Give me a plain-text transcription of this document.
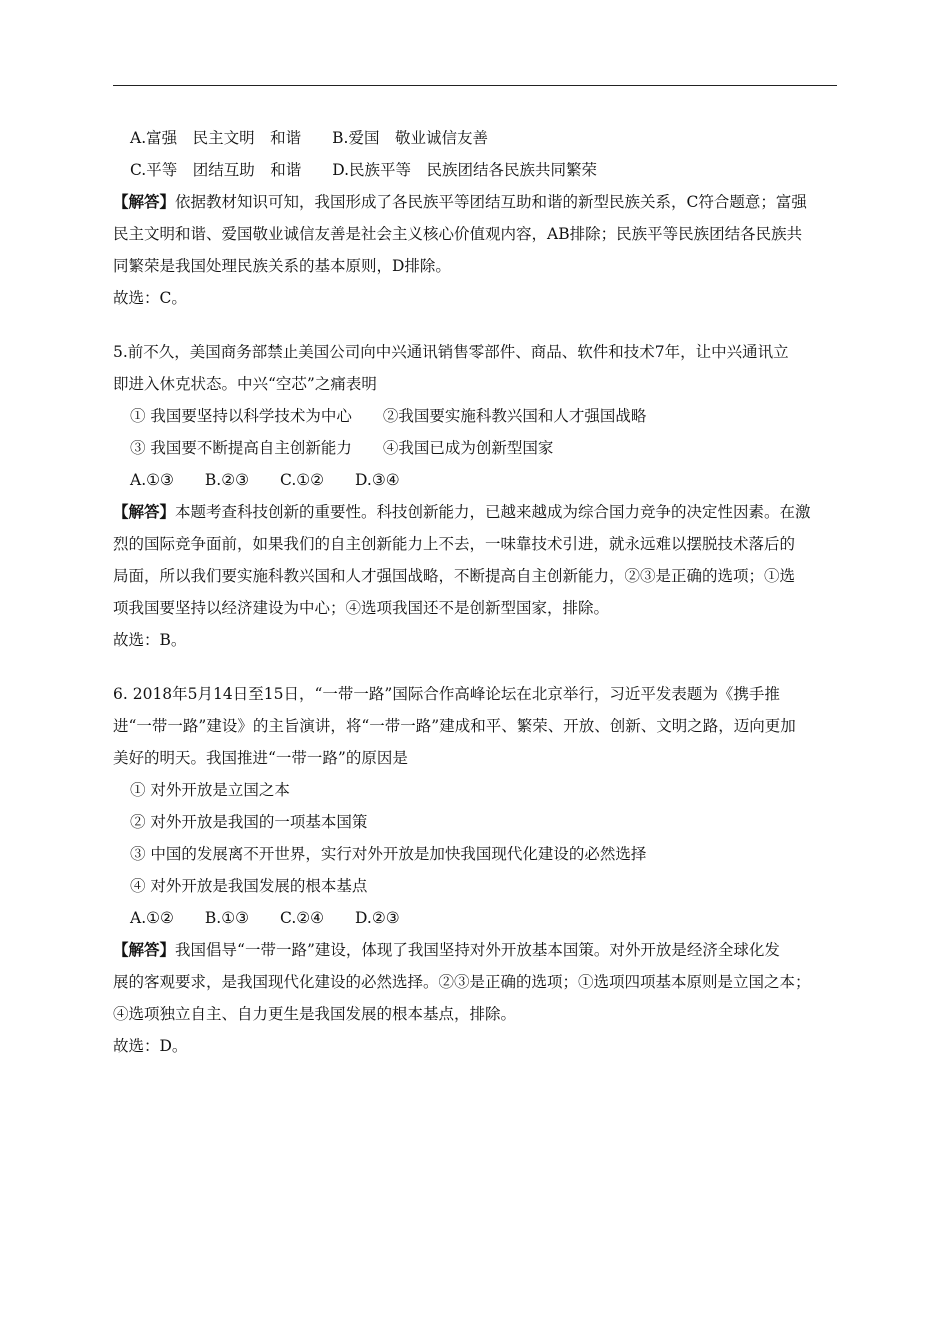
A.富强　民主文明　和谐　　B.爱国　敬业诚信友善
C.平等　团结互助　和谐　　D.民族平等　民族团结各民族共同繁荣
【解答】依据教材知识可知，我国形成了各民族平等团结互助和谐的新型民族关系，C符合题意；富强
民主文明和谐、爱国敬业诚信友善是社会主义核心价值观内容，AB排除；民族平等民族团结各民族共
同繁荣是我国处理民族关系的基本原则，D排除。
故选：C。
5.前不久，美国商务部禁止美国公司向中兴通讯销售零部件、商品、软件和技术7年，让中兴通讯立
即进入休克状态。中兴“空芯”之痛表明
① 我国要坚持以科学技术为中心　　②我国要实施科教兴国和人才强国战略
③ 我国要不断提高自主创新能力　　④我国已成为创新型国家
A.①③　　B.②③　　C.①②　　D.③④
【解答】本题考查科技创新的重要性。科技创新能力，已越来越成为综合国力竞争的决定性因素。在激
烈的国际竞争面前，如果我们的自主创新能力上不去，一味靠技术引进，就永远难以摆脱技术落后的
局面，所以我们要实施科教兴国和人才强国战略，不断提高自主创新能力，②③是正确的选项；①选
项我国要坚持以经济建设为中心；④选项我国还不是创新型国家，排除。
故选：B。
6. 2018年5月14日至15日，“一带一路”国际合作高峰论坛在北京举行，习近平发表题为《携手推
进“一带一路”建设》的主旨演讲，将“一带一路”建成和平、繁荣、开放、创新、文明之路，迈向更加
美好的明天。我国推进“一带一路”的原因是
① 对外开放是立国之本
② 对外开放是我国的一项基本国策
③ 中国的发展离不开世界，实行对外开放是加快我国现代化建设的必然选择
④ 对外开放是我国发展的根本基点
A.①②　　B.①③　　C.②④　　D.②③
【解答】我国倡导“一带一路”建设，体现了我国坚持对外开放基本国策。对外开放是经济全球化发
展的客观要求，是我国现代化建设的必然选择。②③是正确的选项；①选项四项基本原则是立国之本；
④选项独立自主、自力更生是我国发展的根本基点，排除。
故选：D。
